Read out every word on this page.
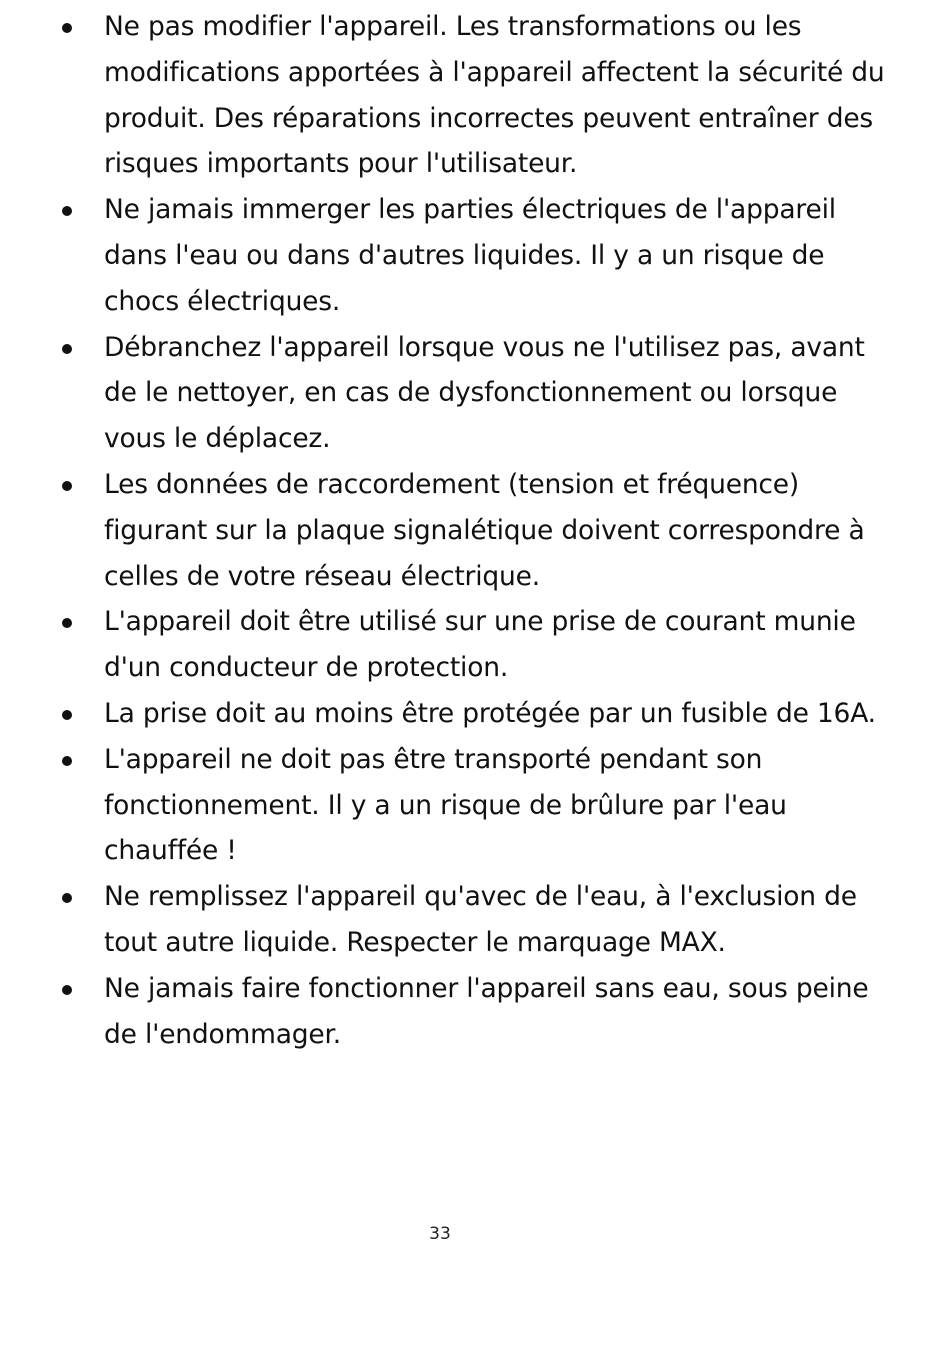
Ne pas modifier l'appareil. Les transformations ou les modifications apportées à l'appareil affectent la sécurité du produit. Des réparations incorrectes peuvent entraîner des risques importants pour l'utilisateur.
Ne jamais immerger les parties électriques de l'appareil dans l'eau ou dans d'autres liquides. Il y a un risque de chocs électriques.
Débranchez l'appareil lorsque vous ne l'utilisez pas, avant de le nettoyer, en cas de dysfonctionnement ou lorsque vous le déplacez.
Les données de raccordement (tension et fréquence) figurant sur la plaque signalétique doivent correspondre à celles de votre réseau électrique.
L'appareil doit être utilisé sur une prise de courant munie d'un conducteur de protection.
La prise doit au moins être protégée par un fusible de 16A.
L'appareil ne doit pas être transporté pendant son fonctionnement. Il y a un risque de brûlure par l'eau chauffée !
Ne remplissez l'appareil qu'avec de l'eau, à l'exclusion de tout autre liquide. Respecter le marquage MAX.
Ne jamais faire fonctionner l'appareil sans eau, sous peine de l'endommager.
33
